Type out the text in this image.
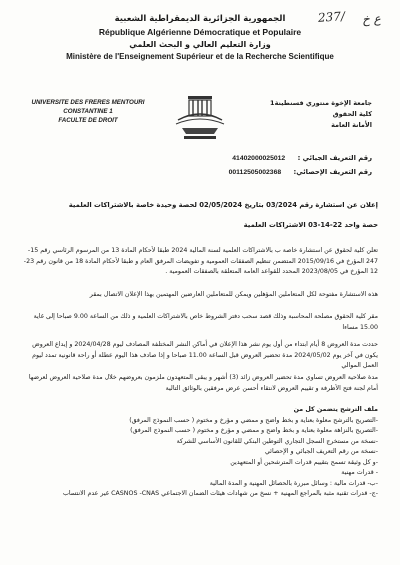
237/ ع خ
الجمهورية الجزائرية الديمقراطية الشعبية
République Algérienne Démocratique et Populaire
وزارة التعليم العالي و البحث العلمي
Ministère de l'Enseignement Supérieur et de la Recherche Scientifique
UNIVERSITE DES FRERES MENTOURI
CONSTANTINE 1
FACULTE DE DROIT
جامعة الإخوة منتوري قسنطينة1
كلية الحقوق
الأمانة العامة
رقم التعريف الجبائي : 41402000025012
رقم التعريف الإحصائي: 00112505002368
إعلان عن استشارة رقم 03/2024 بتاريخ 02/05/2024 لحصة وحيدة خاصة بالاشتراكات العلمية
حصة واحد 22-14-03 الاشتراكات العلمية
تعلن كلية لحقوق عن استشارة خاصة ب بالاشتراكات العلمية لسنة المالية 2024 طبقا لأحكام المادة 13 من المرسوم الرئاسي رقم 15-247 المؤرخ في 2015/09/16 المتضمن تنظيم الصفقات العمومية و تفويضات المرفق العام و طبقا لأحكام المادة 18 من قانون رقم 23-12 المؤرخ في 2023/08/05 المحدد للقواعد العامة المتعلقة بالصفقات العمومية .
هذه الاستشارة مفتوحة لكل المتعاملين المؤهلين ويمكن للمتعاملين العارضين المهتمين بهذا الإعلان الاتصال بمقر
مقر كلية الحقوق مصلحة المحاسبة وذلك قصد سحب دفتر الشروط خاص بالاشتراكات العلمية و ذلك من الساعة 9.00 صباحا إلى غاية 15.00 مساءا
حددت مدة العروض 8 أيام ابتداء من أول يوم نشر هذا الإعلان في أماكن النشر المختلفة المصادف ليوم 2024/04/28 و إيداع العروض يكون في آخر يوم 2024/05/02 مدة تحضير العروض قبل الساعة 11.00 صباحا و إذا صادف هذا اليوم عطلة أو راحة قانونية تمدد ليوم العمل الموالي
مدة صلاحية العروض تساوي مدة تحضير العروض زائد (3) أشهر و يبقى المتعهدون ملزمون بعروضهم خلال مدة صلاحية العروض لعرضها أمام لجنة فتح الأظرفة و تقييم العروض لانتقاء أحسن عرض مرفقين بالوثائق التالية

ملف الترشح يتضمن كل من

-التصريح بالترشح معلوة بعناية و بخط واضح و ممضي و مؤرخ و مختوم ( حسب النموذج المرفق)

-التصريح بالنزاهة معلوة بعناية و بخط واضح و ممضي و مؤرخ و مختوم ( حسب النموذج المرفق)

-نسخة من مستخرج السجل التجاري التوطين البنكي للقانون الأساسي للشركة

-نسخة من رقم التعريف الجبائي و الإحصائي

-و كل وثيقة تسمح بتقييم قدرات المترشحين أو المتعهدين

- قدرات مهنية

-ب- قدرات مالية : وسائل مبررة بالحصائل المهنية و المدة المالية

-ج- قدرات تقنية مثبة بالمراجع المهنية + نسخ من شهادات هيئات الضمان الاجتماعي CASNOS -CNAS غير عدم الانتساب
